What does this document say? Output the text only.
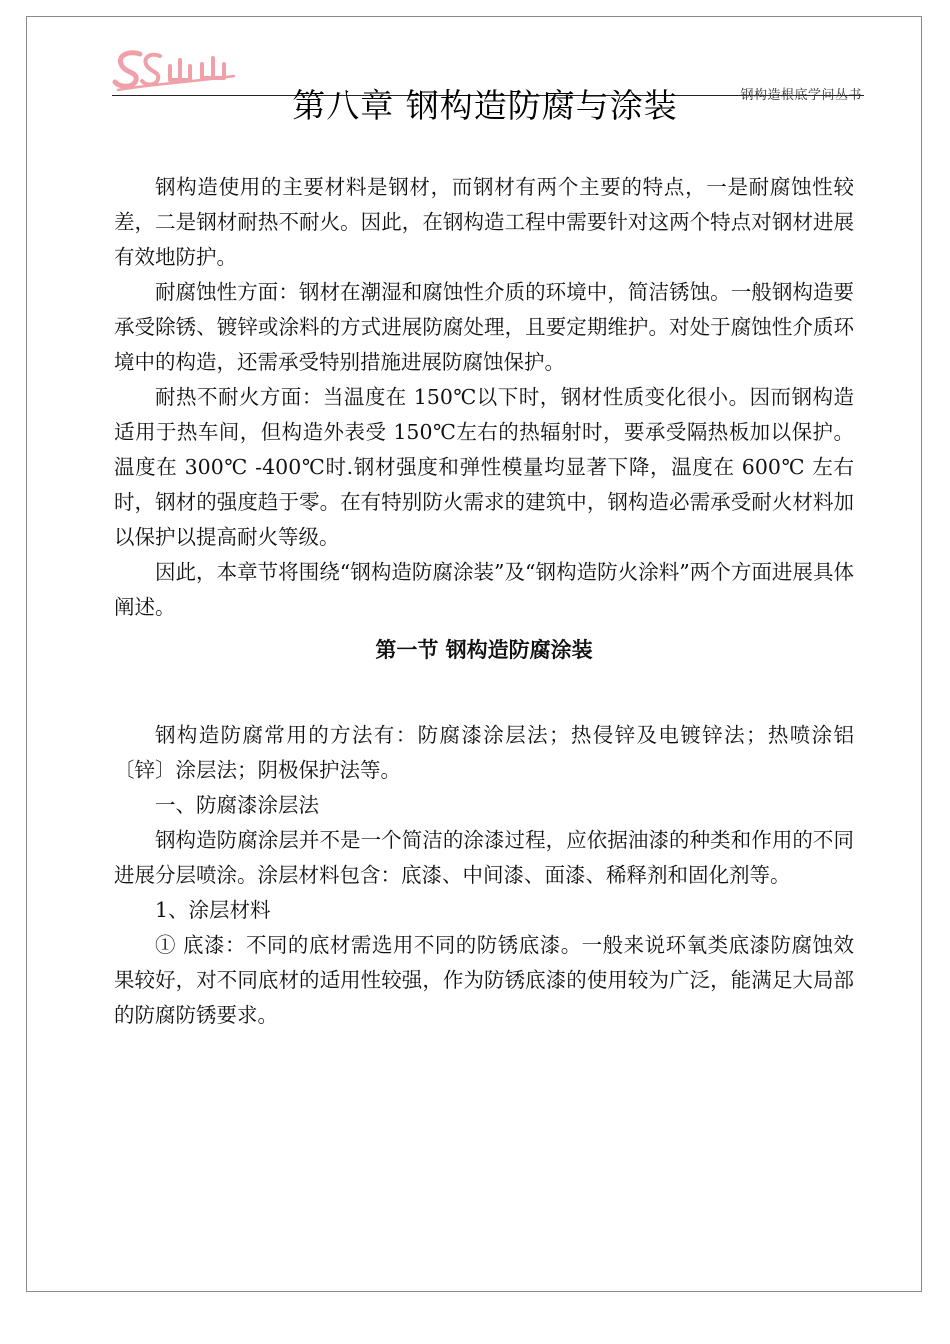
钢构造根底学问丛书
第八章 钢构造防腐与涂装

钢构造使用的主要材料是钢材，而钢材有两个主要的特点，一是耐腐蚀性较差，二是钢材耐热不耐火。因此，在钢构造工程中需要针对这两个特点对钢材进展有效地防护。

耐腐蚀性方面：钢材在潮湿和腐蚀性介质的环境中，简洁锈蚀。一般钢构造要承受除锈、镀锌或涂料的方式进展防腐处理，且要定期维护。对处于腐蚀性介质环境中的构造，还需承受特别措施进展防腐蚀保护。

耐热不耐火方面：当温度在 150℃以下时，钢材性质变化很小。因而钢构造适用于热车间，但构造外表受 150℃左右的热辐射时，要承受隔热板加以保护。温度在 300℃ -400℃时.钢材强度和弹性模量均显著下降，温度在 600℃ 左右时，钢材的强度趋于零。在有特别防火需求的建筑中，钢构造必需承受耐火材料加以保护以提高耐火等级。

因此，本章节将围绕“钢构造防腐涂装”及“钢构造防火涂料”两个方面进展具体阐述。

第一节 钢构造防腐涂装

钢构造防腐常用的方法有：防腐漆涂层法；热侵锌及电镀锌法；热喷涂铝〔锌〕涂层法；阴极保护法等。

一、防腐漆涂层法

钢构造防腐涂层并不是一个简洁的涂漆过程，应依据油漆的种类和作用的不同进展分层喷涂。涂层材料包含：底漆、中间漆、面漆、稀释剂和固化剂等。

1、涂层材料

① 底漆：不同的底材需选用不同的防锈底漆。一般来说环氧类底漆防腐蚀效果较好，对不同底材的适用性较强，作为防锈底漆的使用较为广泛，能满足大局部的防腐防锈要求。
